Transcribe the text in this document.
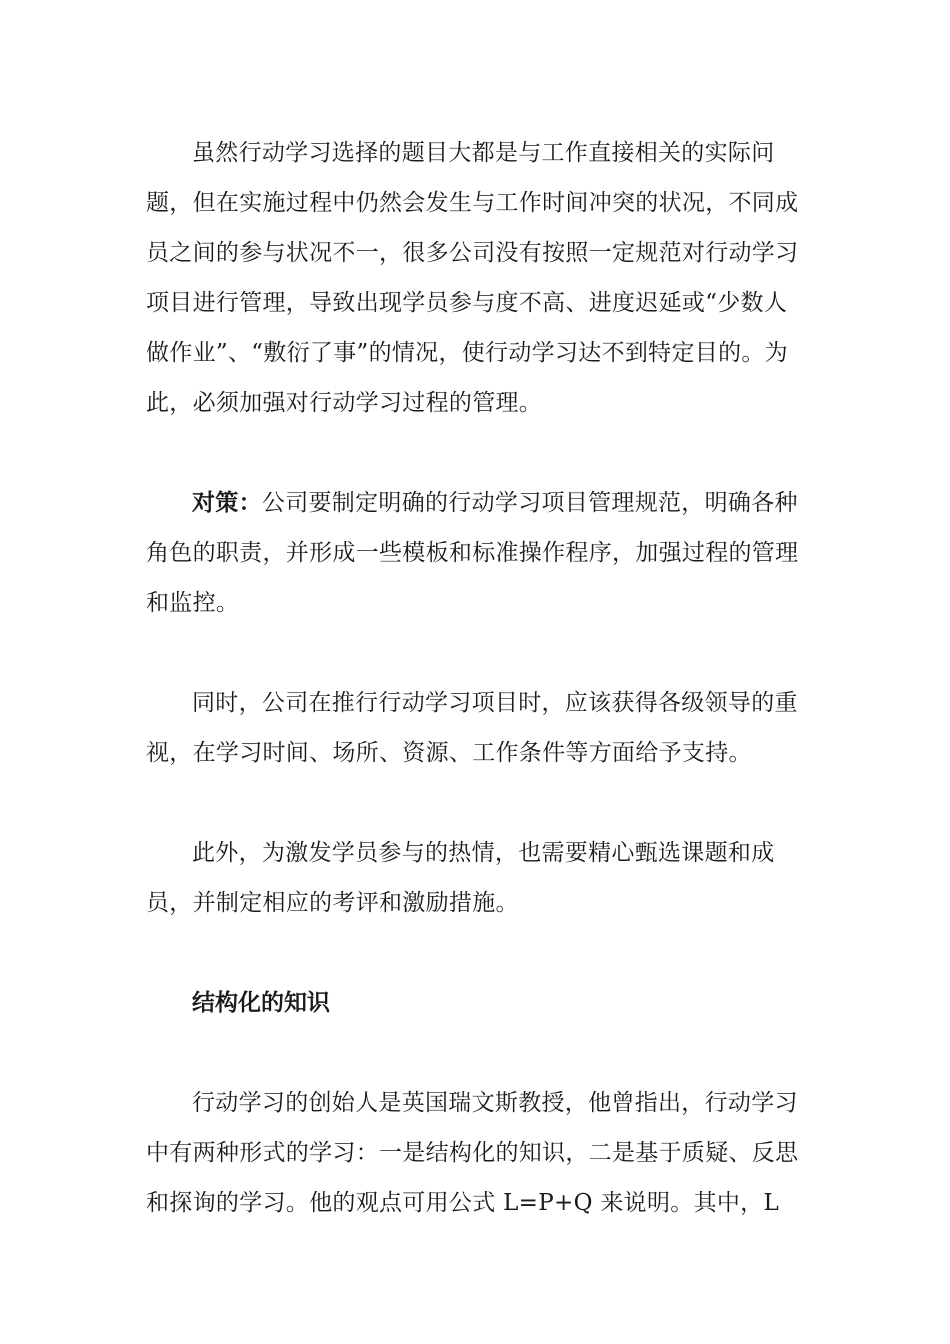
虽然行动学习选择的题目大都是与工作直接相关的实际问题，但在实施过程中仍然会发生与工作时间冲突的状况，不同成员之间的参与状况不一，很多公司没有按照一定规范对行动学习项目进行管理，导致出现学员参与度不高、进度迟延或“少数人做作业”、“敷衍了事”的情况，使行动学习达不到特定目的。为此，必须加强对行动学习过程的管理。

对策：公司要制定明确的行动学习项目管理规范，明确各种角色的职责，并形成一些模板和标准操作程序，加强过程的管理和监控。

同时，公司在推行行动学习项目时，应该获得各级领导的重视，在学习时间、场所、资源、工作条件等方面给予支持。

此外，为激发学员参与的热情，也需要精心甄选课题和成员，并制定相应的考评和激励措施。

结构化的知识

行动学习的创始人是英国瑞文斯教授，他曾指出，行动学习中有两种形式的学习：一是结构化的知识，二是基于质疑、反思和探询的学习。他的观点可用公式 L=P+Q 来说明。其中，L
